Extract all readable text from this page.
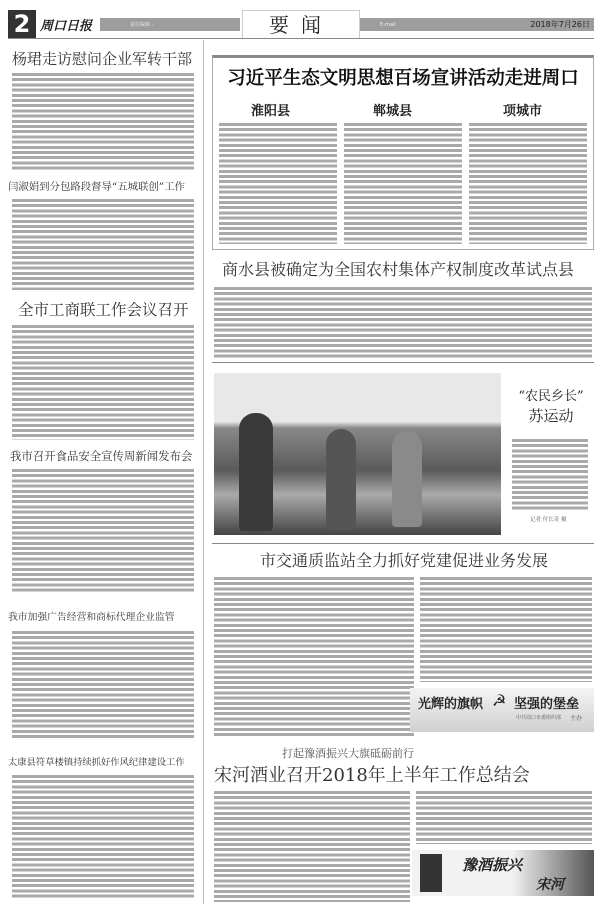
2 周口日报	责任编辑 ·	要闻	E-mail	2018年7月26日
杨珺走访慰问企业军转干部
闫淑娟到分包路段督导“五城联创”工作
全市工商联工作会议召开
我市召开食品安全宣传周新闻发布会
我市加强广告经营和商标代理企业监管
太康县符草楼镇持续抓好作风纪律建设工作
习近平生态文明思想百场宣讲活动走进周口
淮阳县	郸城县	项城市
商水县被确定为全国农村集体产权制度改革试点县
“农民乡长”
苏运动
记者 付长奇 摄
市交通质监站全力抓好党建促进业务发展
光辉的旗帜 ☭ 坚强的堡垒
中共周口市委组织部 主办
打起豫酒振兴大旗砥砺前行
宋河酒业召开2018年上半年工作总结会
豫酒振兴
宋河
